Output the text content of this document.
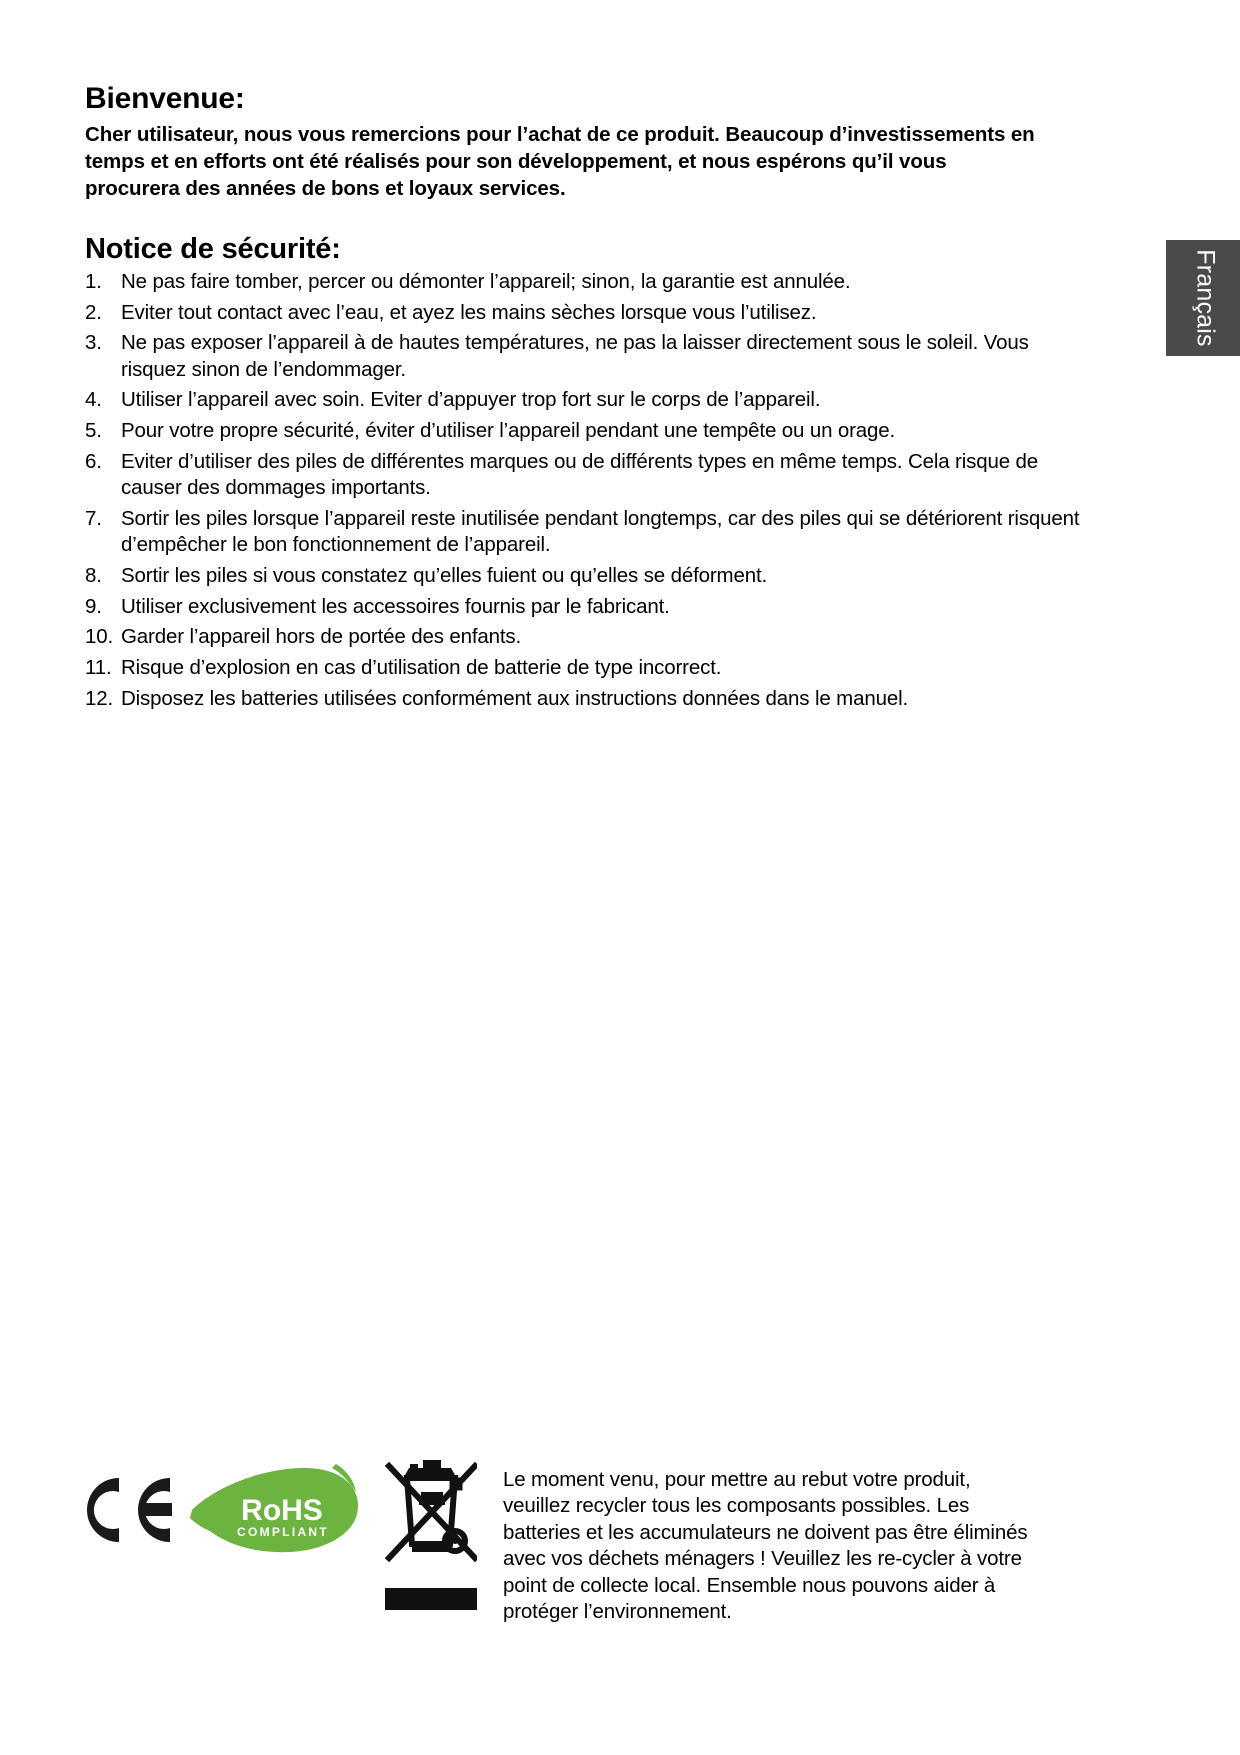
Français
Bienvenue:

Cher utilisateur, nous vous remercions pour l’achat de ce produit. Beaucoup d’investissements en temps et en efforts ont été réalisés pour son développement, et nous espérons qu’il vous procurera des années de bons et loyaux services.

Notice de sécurité:
1. Ne pas faire tomber, percer ou démonter l’appareil; sinon, la garantie est annulée.
2. Eviter tout contact avec l’eau, et ayez les mains sèches lorsque vous l’utilisez.
3. Ne pas exposer l’appareil à de hautes températures, ne pas la laisser directement sous le soleil. Vous risquez sinon de l’endommager.
4. Utiliser l’appareil avec soin. Eviter d’appuyer trop fort sur le corps de l’appareil.
5. Pour votre propre sécurité, éviter d’utiliser l’appareil pendant une tempête ou un orage.
6. Eviter d’utiliser des piles de différentes marques ou de différents types en même temps. Cela risque de causer des dommages importants.
7. Sortir les piles lorsque l’appareil reste inutilisée pendant longtemps, car des piles qui se détériorent risquent d’empêcher le bon fonctionnement de l’appareil.
8. Sortir les piles si vous constatez qu’elles fuient ou qu’elles se déforment.
9. Utiliser exclusivement les accessoires fournis par le fabricant.
10. Garder l’appareil hors de portée des enfants.
11. Risque d’explosion en cas d’utilisation de batterie de type incorrect.
12. Disposez les batteries utilisées conformément aux instructions données dans le manuel.
RoHS
COMPLIANT

Le moment venu, pour mettre au rebut votre produit, veuillez recycler tous les composants possibles. Les batteries et les accumulateurs ne doivent pas être éliminés avec vos déchets ménagers ! Veuillez les re-cycler à votre point de collecte local. Ensemble nous pouvons aider à protéger l’environnement.
